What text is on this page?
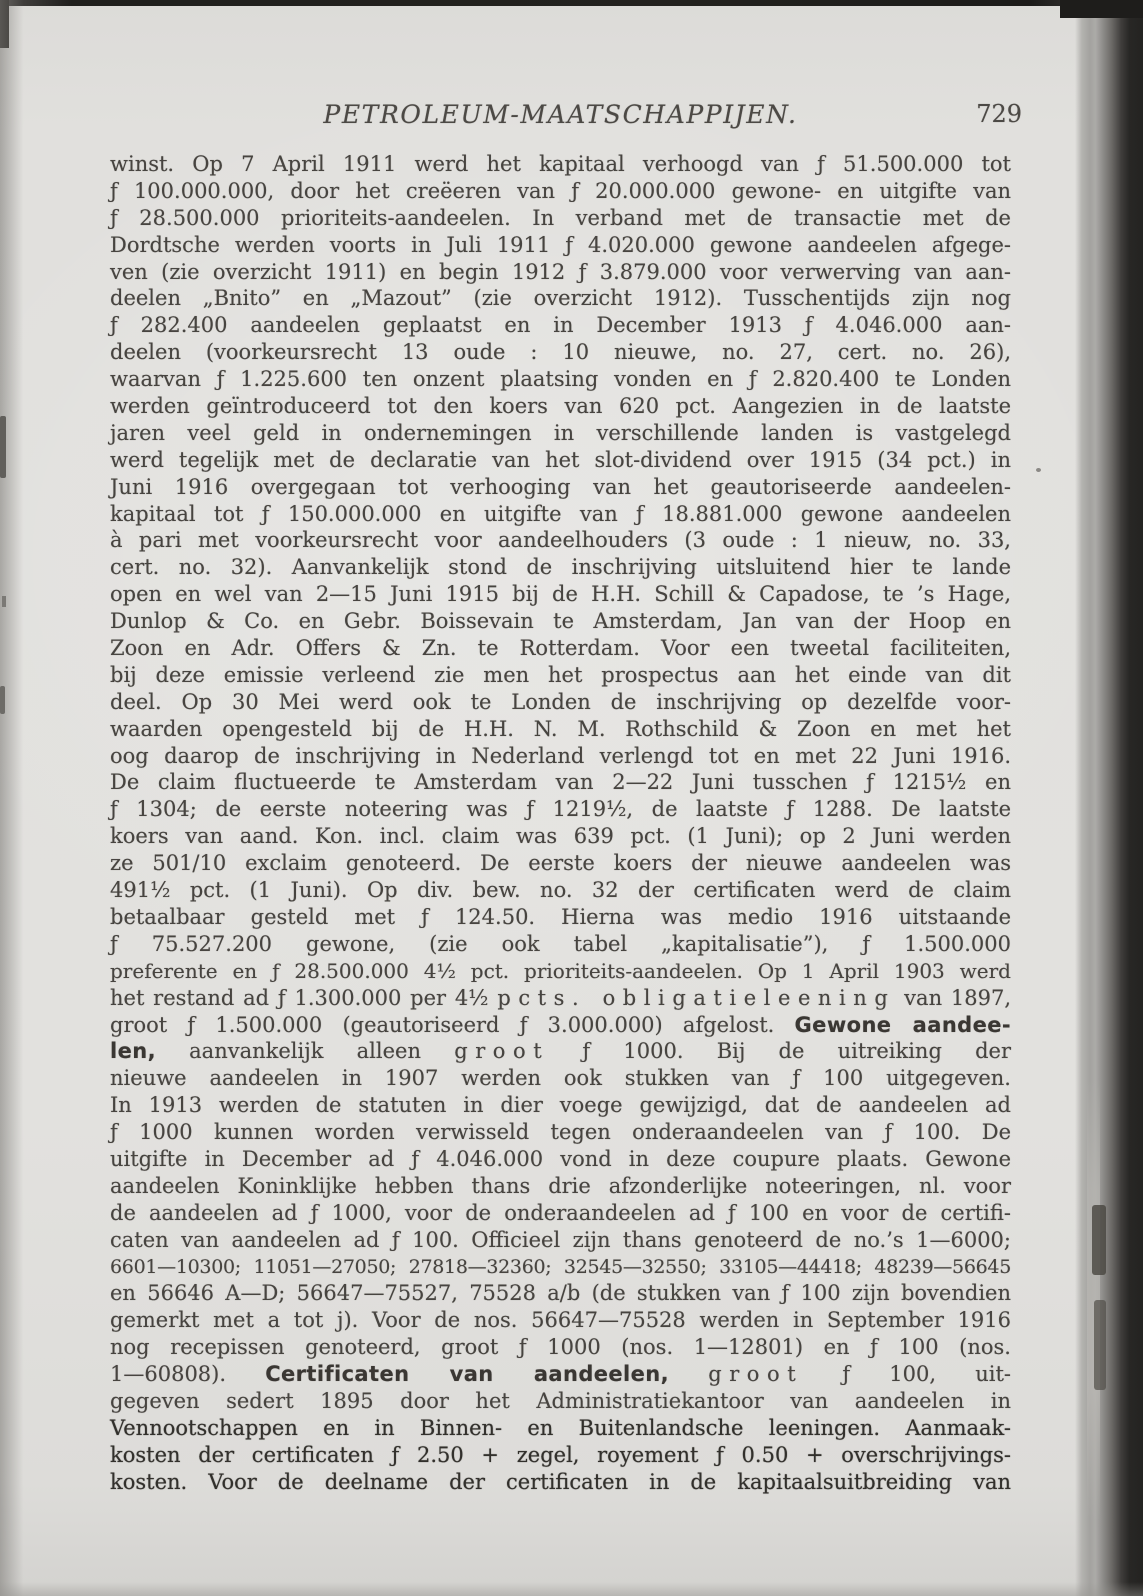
PETROLEUM-MAATSCHAPPIJEN.	729
winst. Op 7 April 1911 werd het kapitaal verhoogd van ƒ 51.500.000 tot
ƒ 100.000.000, door het creëeren van ƒ 20.000.000 gewone- en uitgifte van
ƒ 28.500.000 prioriteits-aandeelen. In verband met de transactie met de
Dordtsche werden voorts in Juli 1911 ƒ 4.020.000 gewone aandeelen afgege-
ven (zie overzicht 1911) en begin 1912 ƒ 3.879.000 voor verwerving van aan-
deelen „Bnito” en „Mazout” (zie overzicht 1912). Tusschentijds zijn nog
ƒ 282.400 aandeelen geplaatst en in December 1913 ƒ 4.046.000 aan-
deelen (voorkeursrecht 13 oude : 10 nieuwe, no. 27, cert. no. 26),
waarvan ƒ 1.225.600 ten onzent plaatsing vonden en ƒ 2.820.400 te Londen
werden geïntroduceerd tot den koers van 620 pct. Aangezien in de laatste
jaren veel geld in ondernemingen in verschillende landen is vastgelegd
werd tegelijk met de declaratie van het slot-dividend over 1915 (34 pct.) in
Juni 1916 overgegaan tot verhooging van het geautoriseerde aandeelen-
kapitaal tot ƒ 150.000.000 en uitgifte van ƒ 18.881.000 gewone aandeelen
à pari met voorkeursrecht voor aandeelhouders (3 oude : 1 nieuw, no. 33,
cert. no. 32). Aanvankelijk stond de inschrijving uitsluitend hier te lande
open en wel van 2—15 Juni 1915 bij de H.H. Schill & Capadose, te ’s Hage,
Dunlop & Co. en Gebr. Boissevain te Amsterdam, Jan van der Hoop en
Zoon en Adr. Offers & Zn. te Rotterdam. Voor een tweetal faciliteiten,
bij deze emissie verleend zie men het prospectus aan het einde van dit
deel. Op 30 Mei werd ook te Londen de inschrijving op dezelfde voor-
waarden opengesteld bij de H.H. N. M. Rothschild & Zoon en met het
oog daarop de inschrijving in Nederland verlengd tot en met 22 Juni 1916.
De claim fluctueerde te Amsterdam van 2—22 Juni tusschen ƒ 1215½ en
ƒ 1304; de eerste noteering was ƒ 1219½, de laatste ƒ 1288. De laatste
koers van aand. Kon. incl. claim was 639 pct. (1 Juni); op 2 Juni werden
ze 501/10 exclaim genoteerd. De eerste koers der nieuwe aandeelen was
491½ pct. (1 Juni). Op div. bew. no. 32 der certificaten werd de claim
betaalbaar gesteld met ƒ 124.50. Hierna was medio 1916 uitstaande
ƒ 75.527.200 gewone, (zie ook tabel „kapitalisatie”), ƒ 1.500.000
preferente en ƒ 28.500.000 4½ pct. prioriteits-aandeelen. Op 1 April 1903 werd
het restand ad ƒ 1.300.000 per 4½ pcts. obligatieleening van 1897,
groot ƒ 1.500.000 (geautoriseerd ƒ 3.000.000) afgelost. Gewone aandee-
len, aanvankelijk alleen groot ƒ 1000. Bij de uitreiking der
nieuwe aandeelen in 1907 werden ook stukken van ƒ 100 uitgegeven.
In 1913 werden de statuten in dier voege gewijzigd, dat de aandeelen ad
ƒ 1000 kunnen worden verwisseld tegen onderaandeelen van ƒ 100. De
uitgifte in December ad ƒ 4.046.000 vond in deze coupure plaats. Gewone
aandeelen Koninklijke hebben thans drie afzonderlijke noteeringen, nl. voor
de aandeelen ad ƒ 1000, voor de onderaandeelen ad ƒ 100 en voor de certifi-
caten van aandeelen ad ƒ 100. Officieel zijn thans genoteerd de no.’s 1—6000;
6601—10300; 11051—27050; 27818—32360; 32545—32550; 33105—44418; 48239—56645
en 56646 A—D; 56647—75527, 75528 a/b (de stukken van ƒ 100 zijn bovendien
gemerkt met a tot j). Voor de nos. 56647—75528 werden in September 1916
nog recepissen genoteerd, groot ƒ 1000 (nos. 1—12801) en ƒ 100 (nos.
1—60808). Certificaten van aandeelen, groot ƒ 100, uit-
gegeven sedert 1895 door het Administratiekantoor van aandeelen in
Vennootschappen en in Binnen- en Buitenlandsche leeningen. Aanmaak-
kosten der certificaten ƒ 2.50 + zegel, royement ƒ 0.50 + overschrijvings-
kosten. Voor de deelname der certificaten in de kapitaalsuitbreiding van
